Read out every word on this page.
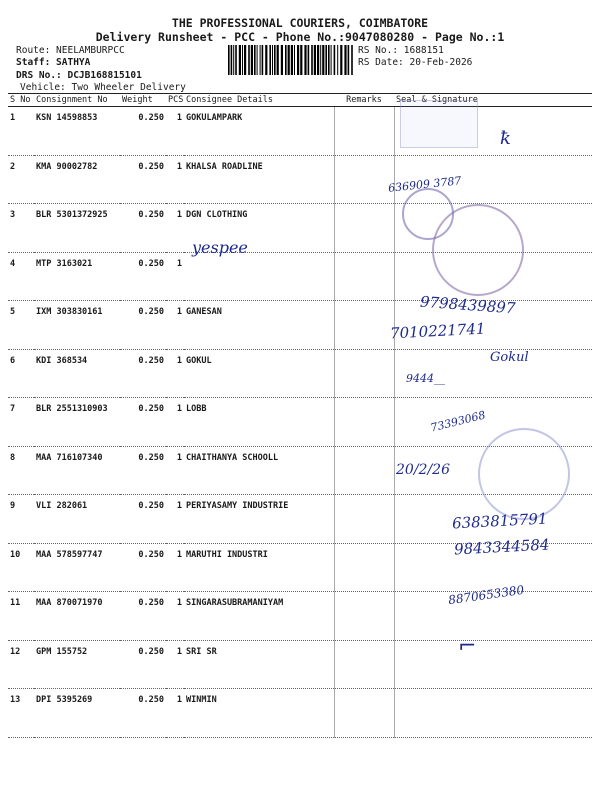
THE PROFESSIONAL COURIERS, COIMBATORE
Delivery Runsheet - PCC - Phone No.:9047080280 - Page No.:1
Route: NEELAMBURPCC
Staff: SATHYA
DRS No.: DCJB168815101
Vehicle: Two Wheeler Delivery
RS No.: 1688151
RS Date: 20-Feb-2026
S No	Consignment No	Weight	PCS	Consignee Details	Remarks	Seal & Signature
1	KSN 14598853	0.250	1	GOKULAMPARK		
2	KMA 90002782	0.250	1	KHALSA ROADLINE		
3	BLR 5301372925	0.250	1	DGN CLOTHING		
4	MTP 3163021	0.250	1			
5	IXM 303830161	0.250	1	GANESAN		
6	KDI 368534	0.250	1	GOKUL		
7	BLR 2551310903	0.250	1	LOBB		
8	MAA 716107340	0.250	1	CHAITHANYA SCHOOLL		
9	VLI 282061	0.250	1	PERIYASAMY INDUSTRIE		
10	MAA 578597747	0.250	1	MARUTHI INDUSTRI		
11	MAA 870071970	0.250	1	SINGARASUBRAMANIYAM		
12	GPM 155752	0.250	1	SRI SR		
13	DPI 5395269	0.250	1	WINMIN		
yespee
ꝁ
636909 3787
9798439897
7010221741
Gokul
9444__
73393068
20/2/26
6383815791
9843344584
8870653380
⌐
